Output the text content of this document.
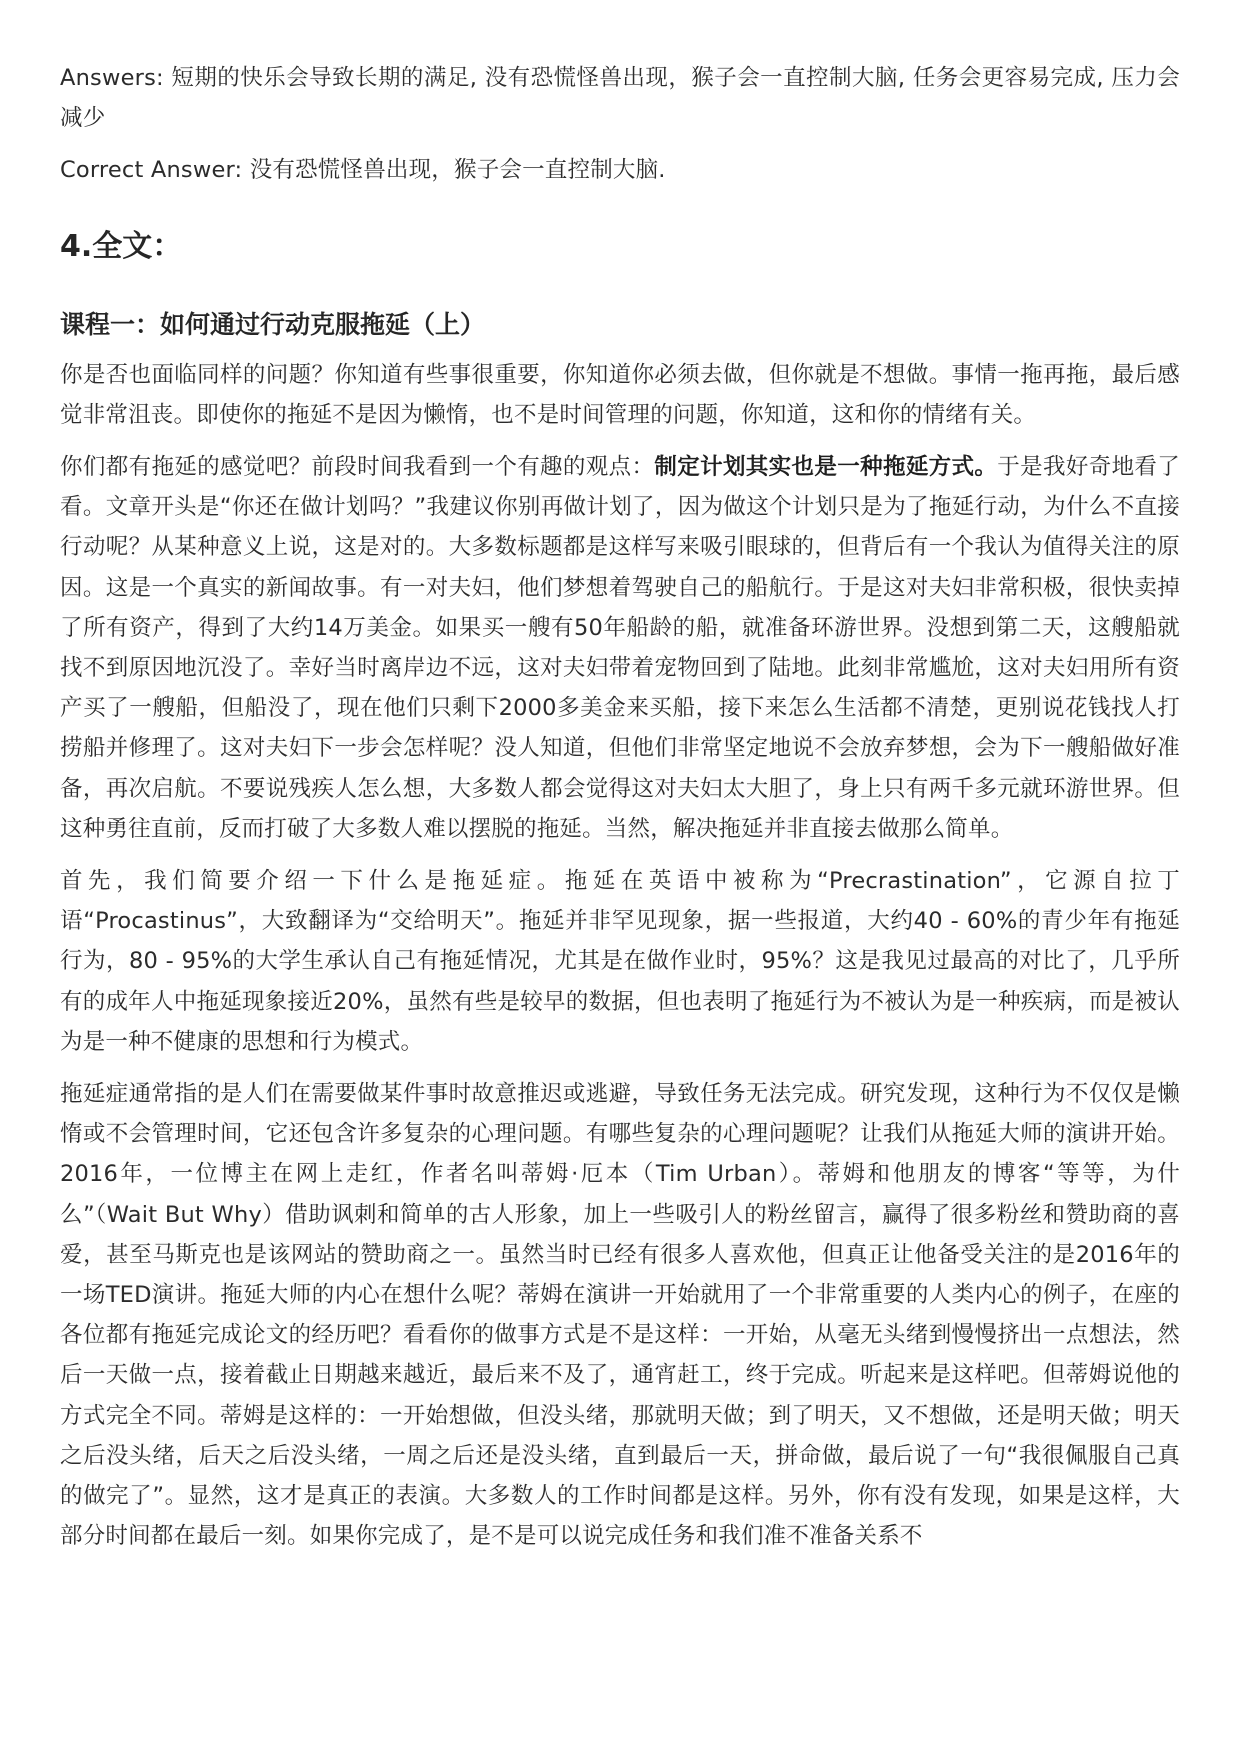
Answers: 短期的快乐会导致长期的满足, 没有恐慌怪兽出现，猴子会一直控制大脑, 任务会更容易完成, 压力会减少

Correct Answer: 没有恐慌怪兽出现，猴子会一直控制大脑.

4.全文：
课程一：如何通过行动克服拖延（上）

你是否也面临同样的问题？你知道有些事很重要，你知道你必须去做，但你就是不想做。事情一拖再拖，最后感觉非常沮丧。即使你的拖延不是因为懒惰，也不是时间管理的问题，你知道，这和你的情绪有关。

你们都有拖延的感觉吧？前段时间我看到一个有趣的观点：制定计划其实也是一种拖延方式。于是我好奇地看了看。文章开头是“你还在做计划吗？”我建议你别再做计划了，因为做这个计划只是为了拖延行动，为什么不直接行动呢？从某种意义上说，这是对的。大多数标题都是这样写来吸引眼球的，但背后有一个我认为值得关注的原因。这是一个真实的新闻故事。有一对夫妇，他们梦想着驾驶自己的船航行。于是这对夫妇非常积极，很快卖掉了所有资产，得到了大约14万美金。如果买一艘有50年船龄的船，就准备环游世界。没想到第二天，这艘船就找不到原因地沉没了。幸好当时离岸边不远，这对夫妇带着宠物回到了陆地。此刻非常尴尬，这对夫妇用所有资产买了一艘船，但船没了，现在他们只剩下2000多美金来买船，接下来怎么生活都不清楚，更别说花钱找人打捞船并修理了。这对夫妇下一步会怎样呢？没人知道，但他们非常坚定地说不会放弃梦想，会为下一艘船做好准备，再次启航。不要说残疾人怎么想，大多数人都会觉得这对夫妇太大胆了，身上只有两千多元就环游世界。但这种勇往直前，反而打破了大多数人难以摆脱的拖延。当然，解决拖延并非直接去做那么简单。

首先，我们简要介绍一下什么是拖延症。拖延在英语中被称为“Precrastination”，它源自拉丁语“Procastinus”，大致翻译为“交给明天”。拖延并非罕见现象，据一些报道，大约40 - 60%的青少年有拖延行为，80 - 95%的大学生承认自己有拖延情况，尤其是在做作业时，95%？这是我见过最高的对比了，几乎所有的成年人中拖延现象接近20%，虽然有些是较早的数据，但也表明了拖延行为不被认为是一种疾病，而是被认为是一种不健康的思想和行为模式。

拖延症通常指的是人们在需要做某件事时故意推迟或逃避，导致任务无法完成。研究发现，这种行为不仅仅是懒惰或不会管理时间，它还包含许多复杂的心理问题。有哪些复杂的心理问题呢？让我们从拖延大师的演讲开始。2016年，一位博主在网上走红，作者名叫蒂姆·厄本（Tim Urban）。蒂姆和他朋友的博客“等等，为什么”（Wait But Why）借助讽刺和简单的古人形象，加上一些吸引人的粉丝留言，赢得了很多粉丝和赞助商的喜爱，甚至马斯克也是该网站的赞助商之一。虽然当时已经有很多人喜欢他，但真正让他备受关注的是2016年的一场TED演讲。拖延大师的内心在想什么呢？蒂姆在演讲一开始就用了一个非常重要的人类内心的例子，在座的各位都有拖延完成论文的经历吧？看看你的做事方式是不是这样：一开始，从毫无头绪到慢慢挤出一点想法，然后一天做一点，接着截止日期越来越近，最后来不及了，通宵赶工，终于完成。听起来是这样吧。但蒂姆说他的方式完全不同。蒂姆是这样的：一开始想做，但没头绪，那就明天做；到了明天，又不想做，还是明天做；明天之后没头绪，后天之后没头绪，一周之后还是没头绪，直到最后一天，拼命做，最后说了一句“我很佩服自己真的做完了”。显然，这才是真正的表演。大多数人的工作时间都是这样。另外，你有没有发现，如果是这样，大部分时间都在最后一刻。如果你完成了，是不是可以说完成任务和我们准不准备关系不
